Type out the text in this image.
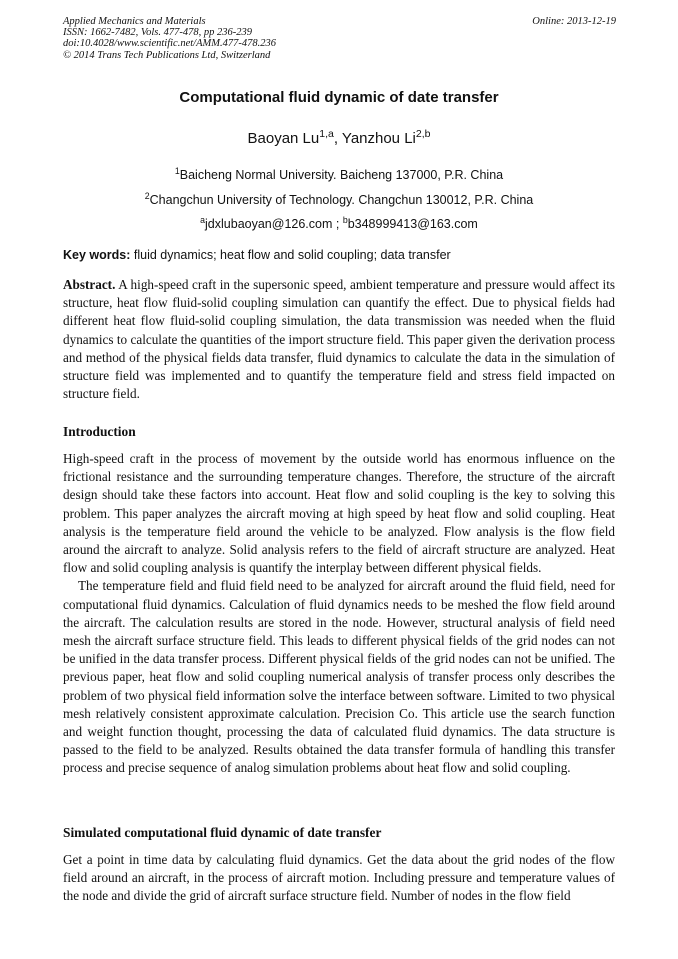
Applied Mechanics and Materials
ISSN: 1662-7482, Vols. 477-478, pp 236-239
doi:10.4028/www.scientific.net/AMM.477-478.236
© 2014 Trans Tech Publications Ltd, Switzerland
Online: 2013-12-19
Computational fluid dynamic of date transfer
Baoyan Lu$^{1,a}$, Yanzhou Li$^{2,b}$
$^1$Baicheng Normal University. Baicheng 137000, P.R. China
$^2$Changchun University of Technology. Changchun 130012, P.R. China
$^a$jdxlubaoyan@126.com ; $^b$b348999413@163.com
Key words: fluid dynamics; heat flow and solid coupling; data transfer

Abstract. A high-speed craft in the supersonic speed, ambient temperature and pressure would affect its structure, heat flow fluid-solid coupling simulation can quantify the effect. Due to physical fields had different heat flow fluid-solid coupling simulation, the data transmission was needed when the fluid dynamics to calculate the quantities of the import structure field. This paper given the derivation process and method of the physical fields data transfer, fluid dynamics to calculate the data in the simulation of structure field was implemented and to quantify the temperature field and stress field impacted on structure field.

Introduction

High-speed craft in the process of movement by the outside world has enormous influence on the frictional resistance and the surrounding temperature changes. Therefore, the structure of the aircraft design should take these factors into account. Heat flow and solid coupling is the key to solving this problem. This paper analyzes the aircraft moving at high speed by heat flow and solid coupling. Heat analysis is the temperature field around the vehicle to be analyzed. Flow analysis is the flow field around the aircraft to analyze. Solid analysis refers to the field of aircraft structure are analyzed. Heat flow and solid coupling analysis is quantify the interplay between different physical fields.

The temperature field and fluid field need to be analyzed for aircraft around the fluid field, need for computational fluid dynamics. Calculation of fluid dynamics needs to be meshed the flow field around the aircraft. The calculation results are stored in the node. However, structural analysis of field need mesh the aircraft surface structure field. This leads to different physical fields of the grid nodes can not be unified in the data transfer process. Different physical fields of the grid nodes can not be unified. The previous paper, heat flow and solid coupling numerical analysis of transfer process only describes the problem of two physical field information solve the interface between software. Limited to two physical mesh relatively consistent approximate calculation. Precision Co. This article use the search function and weight function thought, processing the data of calculated fluid dynamics. The data structure is passed to the field to be analyzed. Results obtained the data transfer formula of handling this transfer process and precise sequence of analog simulation problems about heat flow and solid coupling.

Simulated computational fluid dynamic of date transfer

Get a point in time data by calculating fluid dynamics. Get the data about the grid nodes of the flow field around an aircraft, in the process of aircraft motion. Including pressure and temperature values of the node and divide the grid of aircraft surface structure field. Number of nodes in the flow field
